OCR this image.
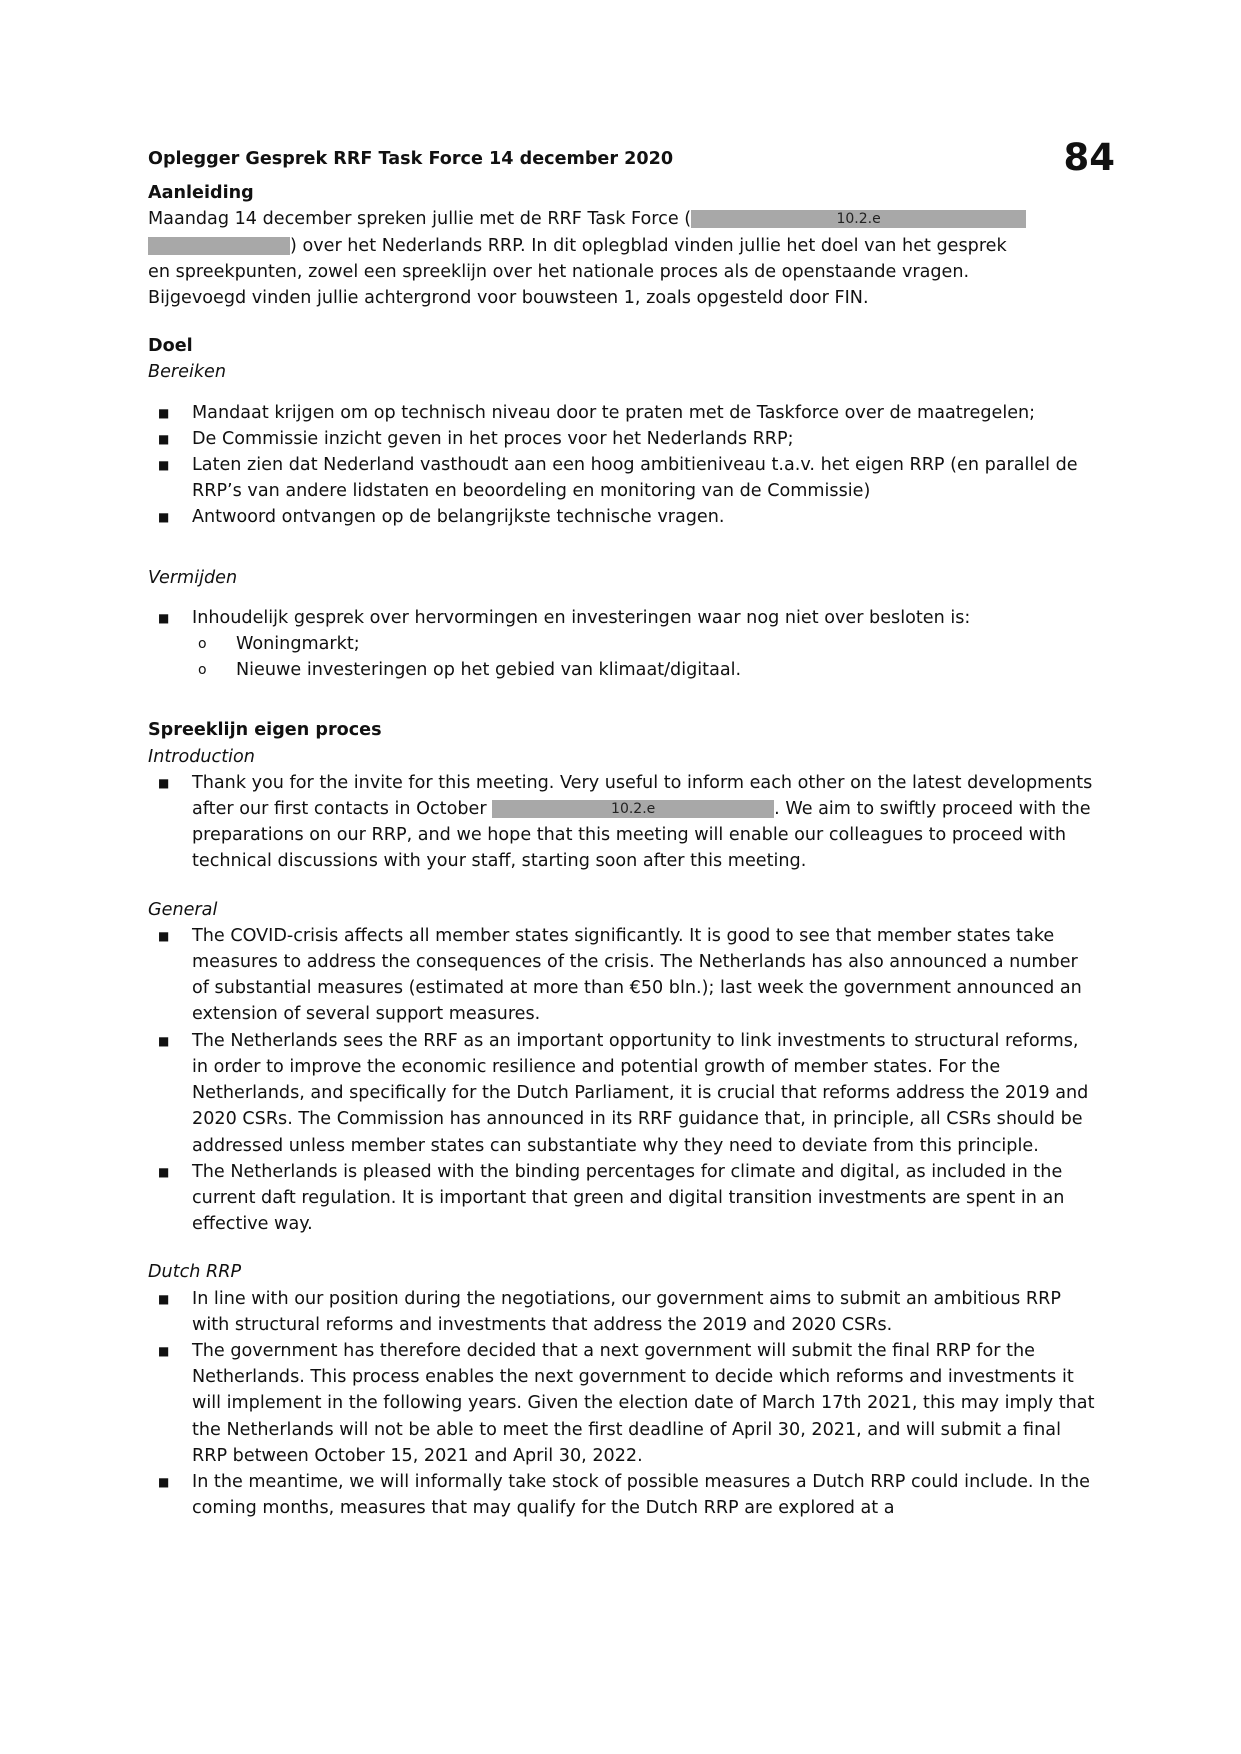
84

Oplegger Gesprek RRF Task Force 14 december 2020

Aanleiding
Maandag 14 december spreken jullie met de RRF Task Force (	10.2.e
) over het Nederlands RRP. In dit oplegblad vinden jullie het doel van het gesprek
en spreekpunten, zowel een spreeklijn over het nationale proces als de openstaande vragen.
Bijgevoegd vinden jullie achtergrond voor bouwsteen 1, zoals opgesteld door FIN.
Doel
Bereiken
■ Mandaat krijgen om op technisch niveau door te praten met de Taskforce over de maatregelen;
■ De Commissie inzicht geven in het proces voor het Nederlands RRP;
■ Laten zien dat Nederland vasthoudt aan een hoog ambitieniveau t.a.v. het eigen RRP (en parallel de RRP’s van andere lidstaten en beoordeling en monitoring van de Commissie)
■ Antwoord ontvangen op de belangrijkste technische vragen.
Vermijden
■ Inhoudelijk gesprek over hervormingen en investeringen waar nog niet over besloten is:
o Woningmarkt;
o Nieuwe investeringen op het gebied van klimaat/digitaal.
Spreeklijn eigen proces
Introduction
■ Thank you for the invite for this meeting. Very useful to inform each other on the latest developments after our first contacts in October	10.2.e	. We aim to swiftly proceed with the preparations on our RRP, and we hope that this meeting will enable our colleagues to proceed with technical discussions with your staff, starting soon after this meeting.
General
■ The COVID-crisis affects all member states significantly. It is good to see that member states take measures to address the consequences of the crisis. The Netherlands has also announced a number of substantial measures (estimated at more than €50 bln.); last week the government announced an extension of several support measures.
■ The Netherlands sees the RRF as an important opportunity to link investments to structural reforms, in order to improve the economic resilience and potential growth of member states. For the Netherlands, and specifically for the Dutch Parliament, it is crucial that reforms address the 2019 and 2020 CSRs. The Commission has announced in its RRF guidance that, in principle, all CSRs should be addressed unless member states can substantiate why they need to deviate from this principle.
■ The Netherlands is pleased with the binding percentages for climate and digital, as included in the current daft regulation. It is important that green and digital transition investments are spent in an effective way.
Dutch RRP
■ In line with our position during the negotiations, our government aims to submit an ambitious RRP with structural reforms and investments that address the 2019 and 2020 CSRs.
■ The government has therefore decided that a next government will submit the final RRP for the Netherlands. This process enables the next government to decide which reforms and investments it will implement in the following years. Given the election date of March 17th 2021, this may imply that the Netherlands will not be able to meet the first deadline of April 30, 2021, and will submit a final RRP between October 15, 2021 and April 30, 2022.
■ In the meantime, we will informally take stock of possible measures a Dutch RRP could include. In the coming months, measures that may qualify for the Dutch RRP are explored at a
